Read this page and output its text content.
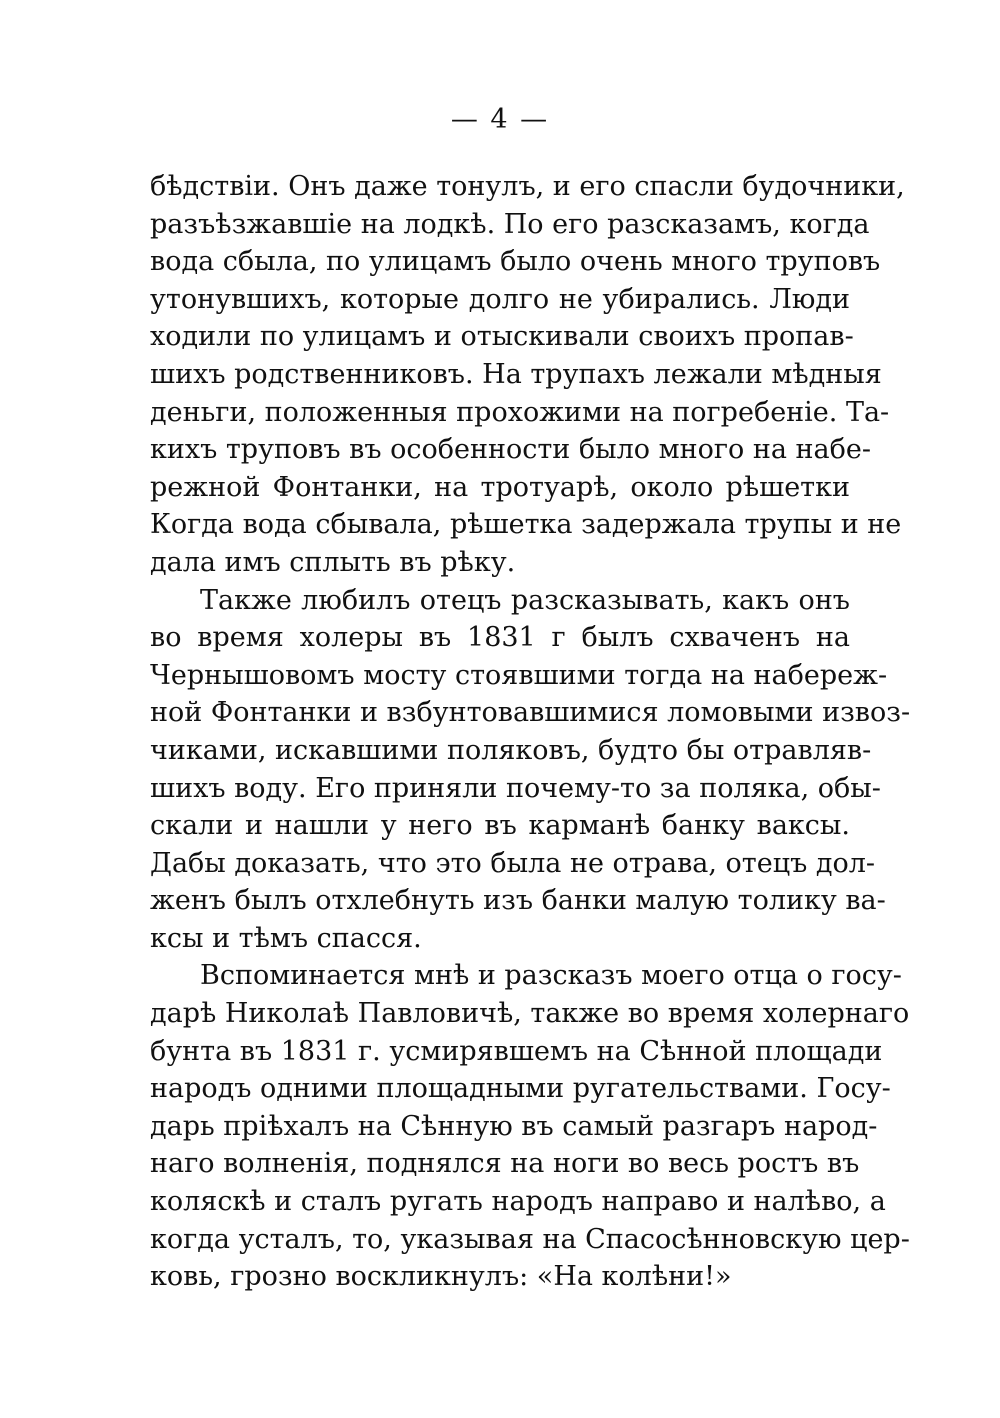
— 4 —
бѣдствіи. Онъ даже тонулъ, и его спасли будочники,
разъѣзжавшіе на лодкѣ. По его разсказамъ, когда
вода сбыла, по улицамъ было очень много труповъ
утонувшихъ, которые долго не убирались. Люди
ходили по улицамъ и отыскивали своихъ пропав-
шихъ родственниковъ. На трупахъ лежали мѣдныя
деньги, положенныя прохожими на погребеніе. Та-
кихъ труповъ въ особенности было много на набе-
режной Фонтанки, на тротуарѣ, около рѣшетки
Когда вода сбывала, рѣшетка задержала трупы и не
дала имъ сплыть въ рѣку.
Также любилъ отецъ разсказывать, какъ онъ
во время холеры въ 1831 г былъ схваченъ на
Чернышовомъ мосту стоявшими тогда на набереж-
ной Фонтанки и взбунтовавшимися ломовыми извоз-
чиками, искавшими поляковъ, будто бы отравляв-
шихъ воду. Его приняли почему-то за поляка, обы-
скали и нашли у него въ карманѣ банку ваксы.
Дабы доказать, что это была не отрава, отецъ дол-
женъ былъ отхлебнуть изъ банки малую толику ва-
ксы и тѣмъ спасся.
Вспоминается мнѣ и разсказъ моего отца о госу-
дарѣ Николаѣ Павловичѣ, также во время холернаго
бунта въ 1831 г. усмирявшемъ на Сѣнной площади
народъ одними площадными ругательствами. Госу-
дарь пріѣхалъ на Сѣнную въ самый разгаръ народ-
наго волненія, поднялся на ноги во весь ростъ въ
коляскѣ и сталъ ругать народъ направо и налѣво, а
когда усталъ, то, указывая на Спасосѣнновскую цер-
ковь, грозно воскликнулъ: «На колѣни!»
